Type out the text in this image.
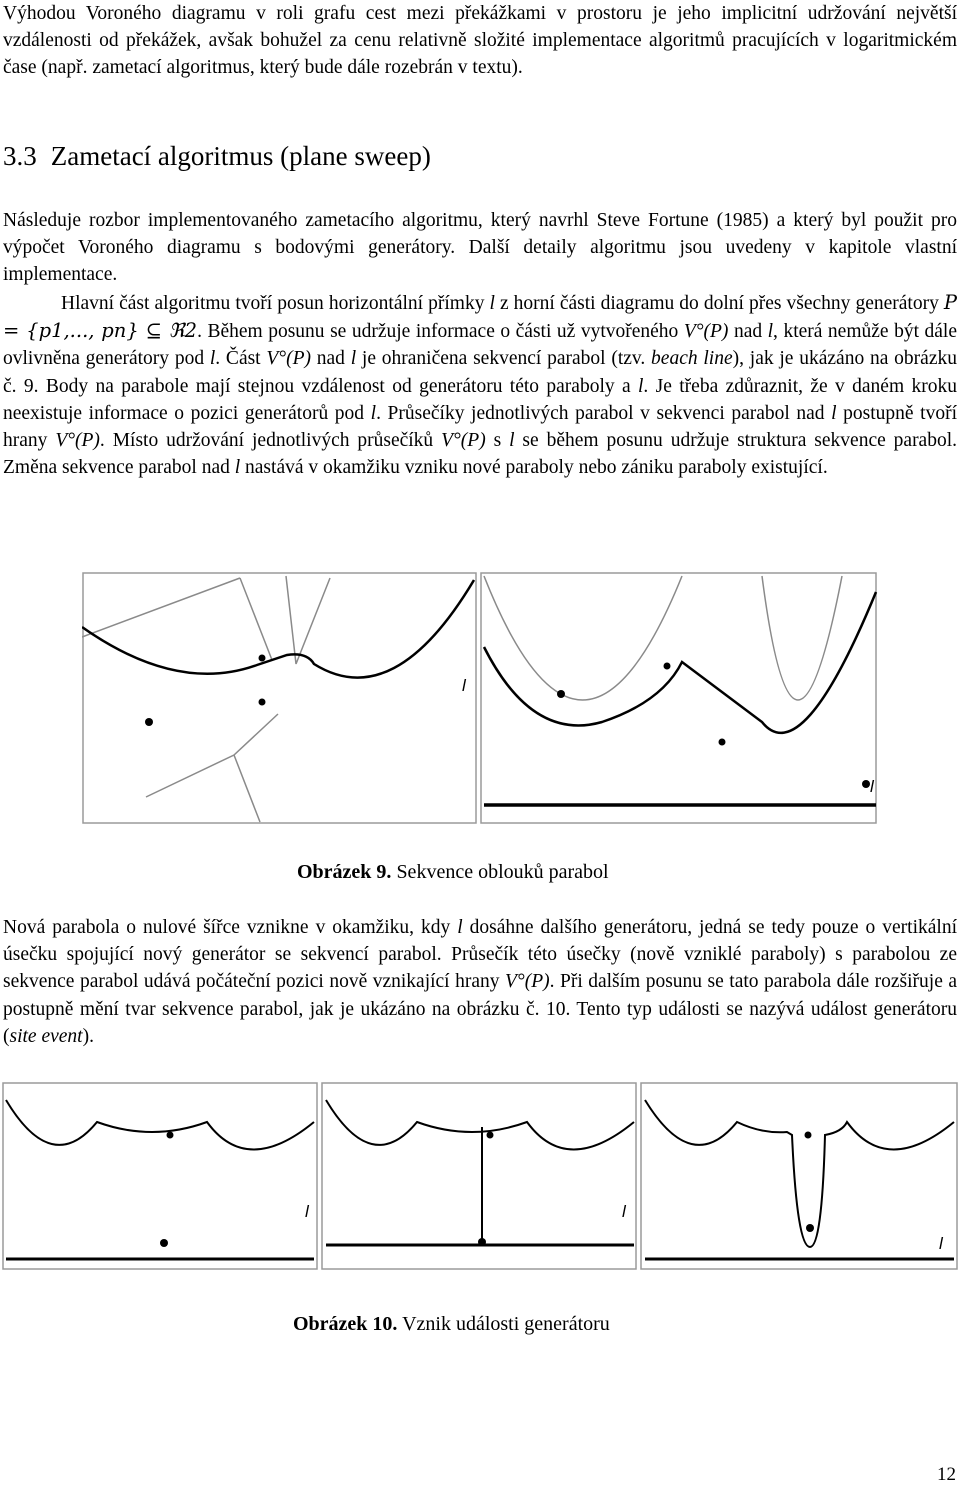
Výhodou Voroného diagramu v roli grafu cest mezi překážkami v prostoru je jeho implicitní udržování největší vzdálenosti od překážek, avšak bohužel za cenu relativně složité implementace algoritmů pracujících v logaritmickém čase (např. zametací algoritmus, který bude dále rozebrán v textu).

3.3 Zametací algoritmus (plane sweep)

Následuje rozbor implementovaného zametacího algoritmu, který navrhl Steve Fortune (1985) a který byl použit pro výpočet Voroného diagramu s bodovými generátory. Další detaily algoritmu jsou uvedeny v kapitole vlastní implementace.

Hlavní část algoritmu tvoří posun horizontální přímky l z horní části diagramu do dolní přes všechny generátory P = {p1,..., pn} ⊆ ℜ2. Během posunu se udržuje informace o části už vytvořeného V°(P) nad l, která nemůže být dále ovlivněna generátory pod l. Část V°(P) nad l je ohraničena sekvencí parabol (tzv. beach line), jak je ukázáno na obrázku č. 9. Body na parabole mají stejnou vzdálenost od generátoru této paraboly a l. Je třeba zdůraznit, že v daném kroku neexistuje informace o pozici generátorů pod l. Průsečíky jednotlivých parabol v sekvenci parabol nad l postupně tvoří hrany V°(P). Místo udržování jednotlivých průsečíků V°(P) s l se během posunu udržuje struktura sekvence parabol. Změna sekvence parabol nad l nastává v okamžiku vzniku nové paraboly nebo zániku paraboly existující.

l
l

Obrázek 9. Sekvence oblouků parabol

Nová parabola o nulové šířce vznikne v okamžiku, kdy l dosáhne dalšího generátoru, jedná se tedy pouze o vertikální úsečku spojující nový generátor se sekvencí parabol. Průsečík této úsečky (nově vzniklé paraboly) s parabolou ze sekvence parabol udává počáteční pozici nově vznikající hrany V°(P). Při dalším posunu se tato parabola dále rozšiřuje a postupně mění tvar sekvence parabol, jak je ukázáno na obrázku č. 10. Tento typ události se nazývá událost generátoru (site event).

l	l
l

Obrázek 10. Vznik události generátoru

12
